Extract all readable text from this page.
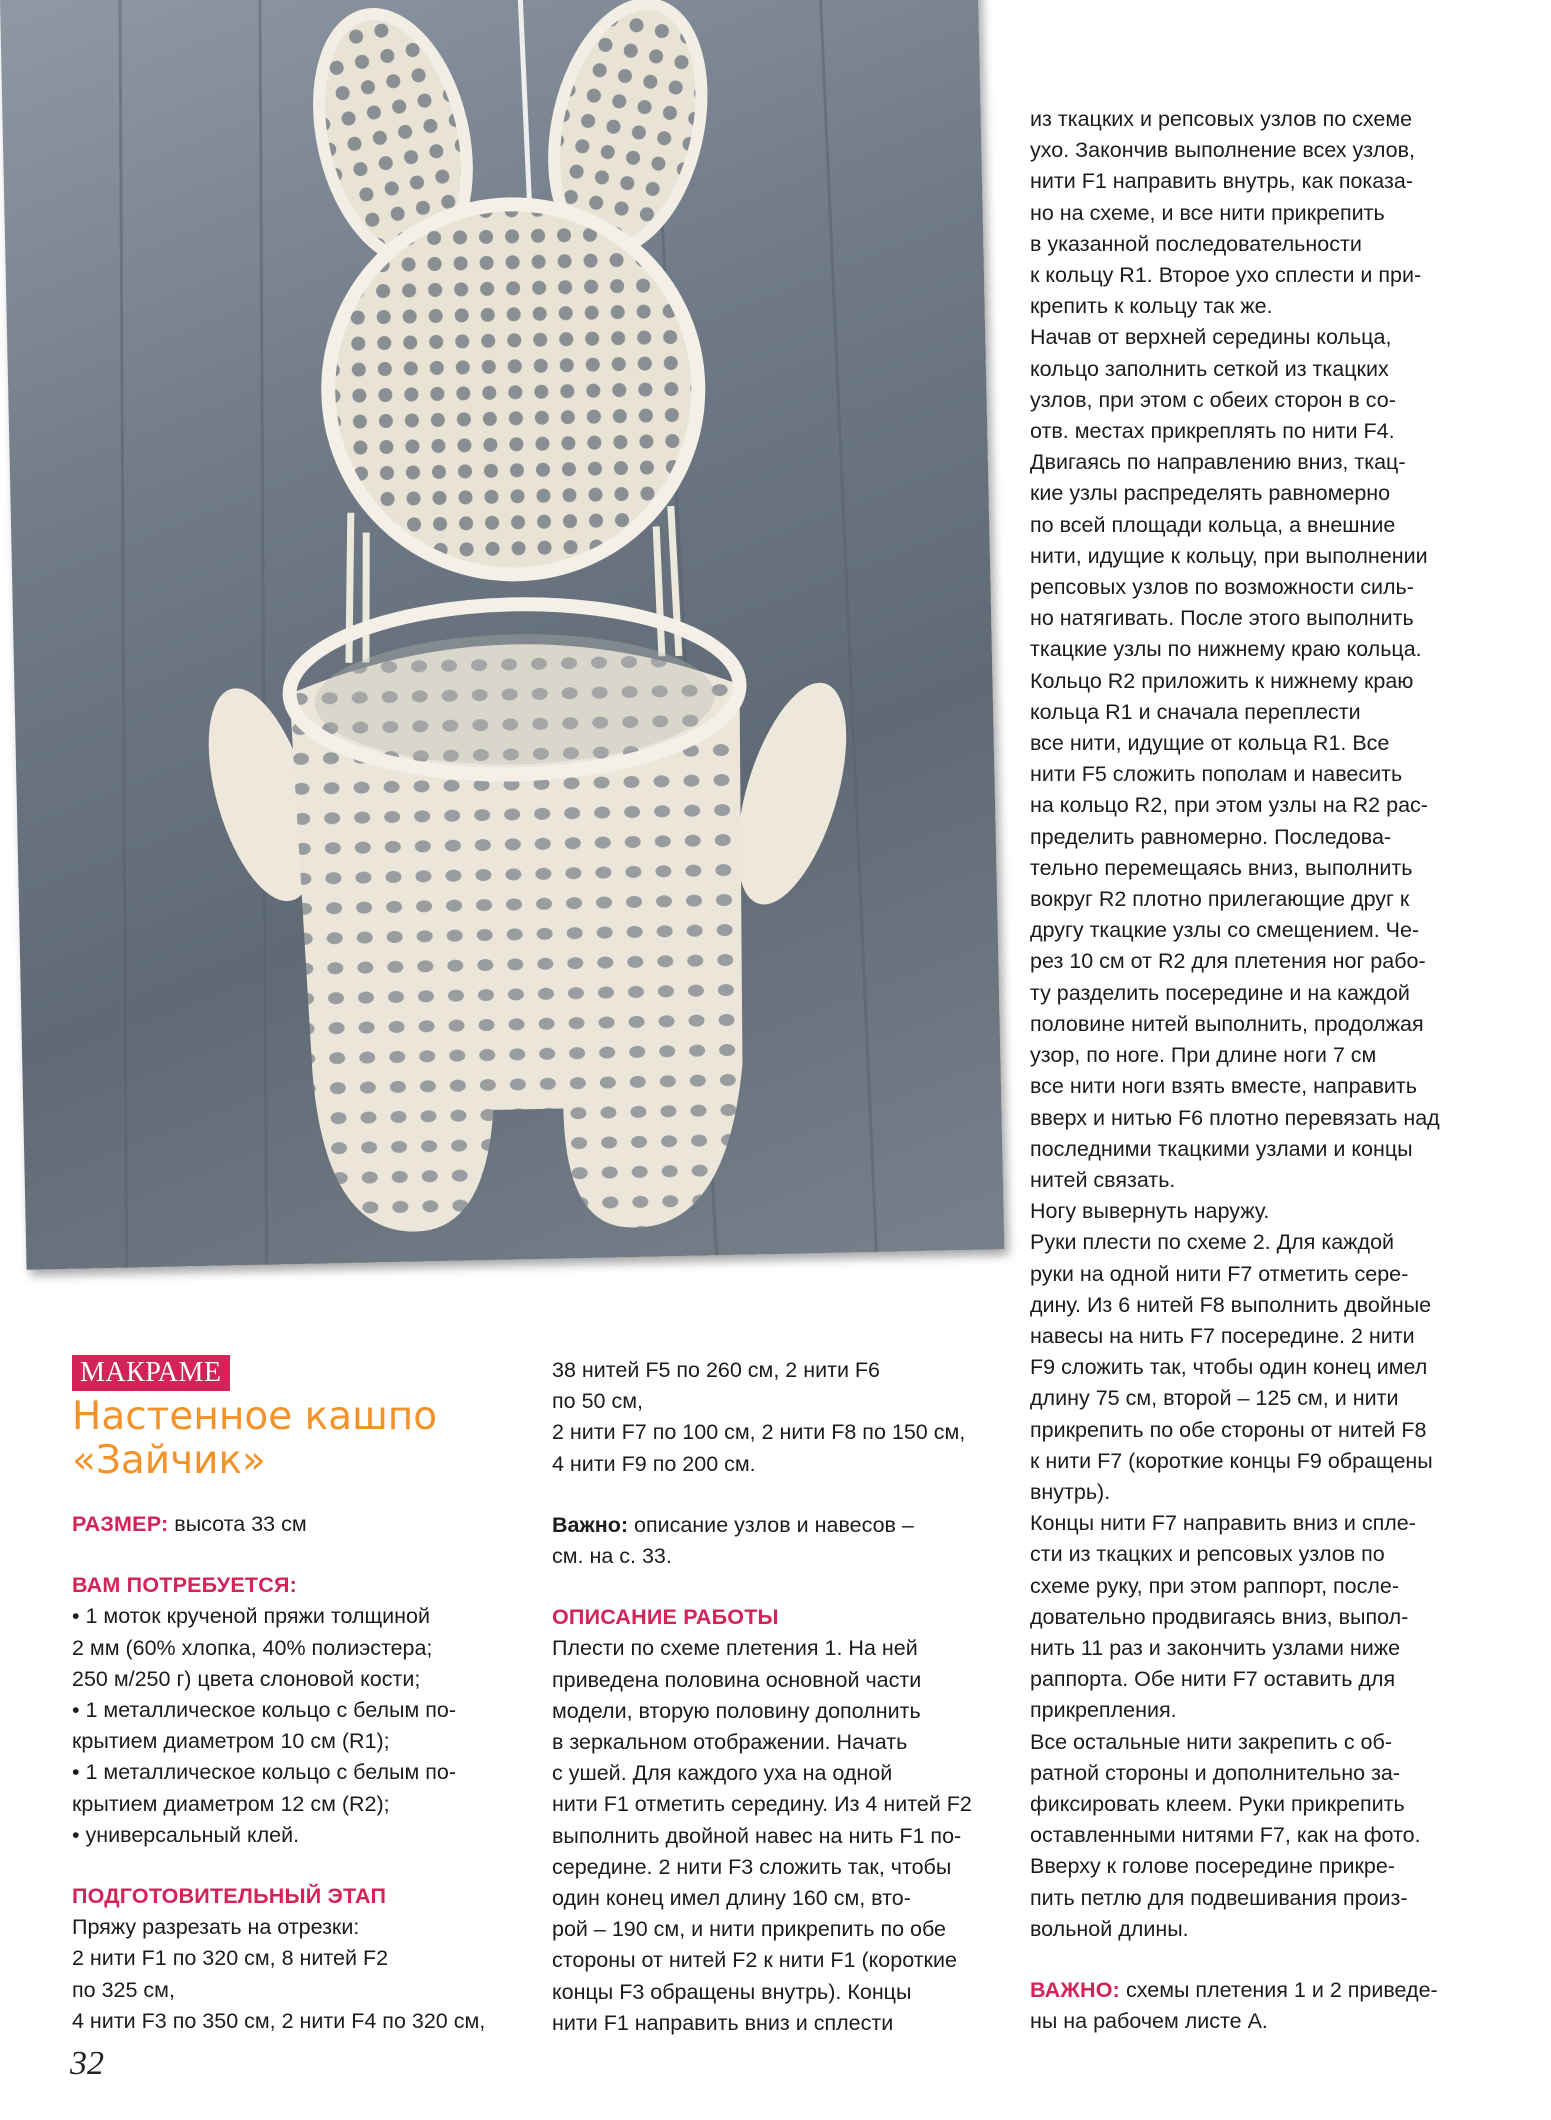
из ткацких и репсовых узлов по схеме
ухо. Закончив выполнение всех узлов,
нити F1 направить внутрь, как показа-
но на схеме, и все нити прикрепить
в указанной последовательности
к кольцу R1. Второе ухо сплести и при-
крепить к кольцу так же.
Начав от верхней середины кольца,
кольцо заполнить сеткой из ткацких
узлов, при этом с обеих сторон в со-
отв. местах прикреплять по нити F4.
Двигаясь по направлению вниз, ткац-
кие узлы распределять равномерно
по всей площади кольца, а внешние
нити, идущие к кольцу, при выполнении
репсовых узлов по возможности силь-
но натягивать. После этого выполнить
ткацкие узлы по нижнему краю кольца.
Кольцо R2 приложить к нижнему краю
кольца R1 и сначала переплести
все нити, идущие от кольца R1. Все
нити F5 сложить пополам и навесить
на кольцо R2, при этом узлы на R2 рас-
пределить равномерно. Последова-
тельно перемещаясь вниз, выполнить
вокруг R2 плотно прилегающие друг к
другу ткацкие узлы со смещением. Че-
рез 10 см от R2 для плетения ног рабо-
ту разделить посередине и на каждой
половине нитей выполнить, продолжая
узор, по ноге. При длине ноги 7 см
все нити ноги взять вместе, направить
вверх и нитью F6 плотно перевязать над
последними ткацкими узлами и концы
нитей связать.
Ногу вывернуть наружу.
Руки плести по схеме 2. Для каждой
руки на одной нити F7 отметить сере-
дину. Из 6 нитей F8 выполнить двойные
навесы на нить F7 посередине. 2 нити
F9 сложить так, чтобы один конец имел
длину 75 см, второй – 125 см, и нити
прикрепить по обе стороны от нитей F8
к нити F7 (короткие концы F9 обращены
внутрь).
Концы нити F7 направить вниз и спле-
сти из ткацких и репсовых узлов по
схеме руку, при этом раппорт, после-
довательно продвигаясь вниз, выпол-
нить 11 раз и закончить узлами ниже
раппорта. Обе нити F7 оставить для
прикрепления.
Все остальные нити закрепить с об-
ратной стороны и дополнительно за-
фиксировать клеем. Руки прикрепить
оставленными нитями F7, как на фото.
Вверху к голове посередине прикре-
пить петлю для подвешивания произ-
вольной длины.

ВАЖНО: схемы плетения 1 и 2 приведе-
ны на рабочем листе А.

МАКРАМЕ
Настенное кашпо
«Зайчик»

РАЗМЕР: высота 33 см

ВАМ ПОТРЕБУЕТСЯ:

• 1 моток крученой пряжи толщиной
2 мм (60% хлопка, 40% полиэстера;
250 м/250 г) цвета слоновой кости;
• 1 металлическое кольцо с белым по-
крытием диаметром 10 см (R1);
• 1 металлическое кольцо с белым по-
крытием диаметром 12 см (R2);
• универсальный клей.

ПОДГОТОВИТЕЛЬНЫЙ ЭТАП

Пряжу разрезать на отрезки:
2 нити F1 по 320 см, 8 нитей F2
по 325 см,
4 нити F3 по 350 см, 2 нити F4 по 320 см,

38 нитей F5 по 260 см, 2 нити F6
по 50 см,
2 нити F7 по 100 см, 2 нити F8 по 150 см,
4 нити F9 по 200 см.

Важно: описание узлов и навесов –
см. на с. 33.

ОПИСАНИЕ РАБОТЫ

Плести по схеме плетения 1. На ней
приведена половина основной части
модели, вторую половину дополнить
в зеркальном отображении. Начать
с ушей. Для каждого уха на одной
нити F1 отметить середину. Из 4 нитей F2
выполнить двойной навес на нить F1 по-
середине. 2 нити F3 сложить так, чтобы
один конец имел длину 160 см, вто-
рой – 190 см, и нити прикрепить по обе
стороны от нитей F2 к нити F1 (короткие
концы F3 обращены внутрь). Концы
нити F1 направить вниз и сплести

32
